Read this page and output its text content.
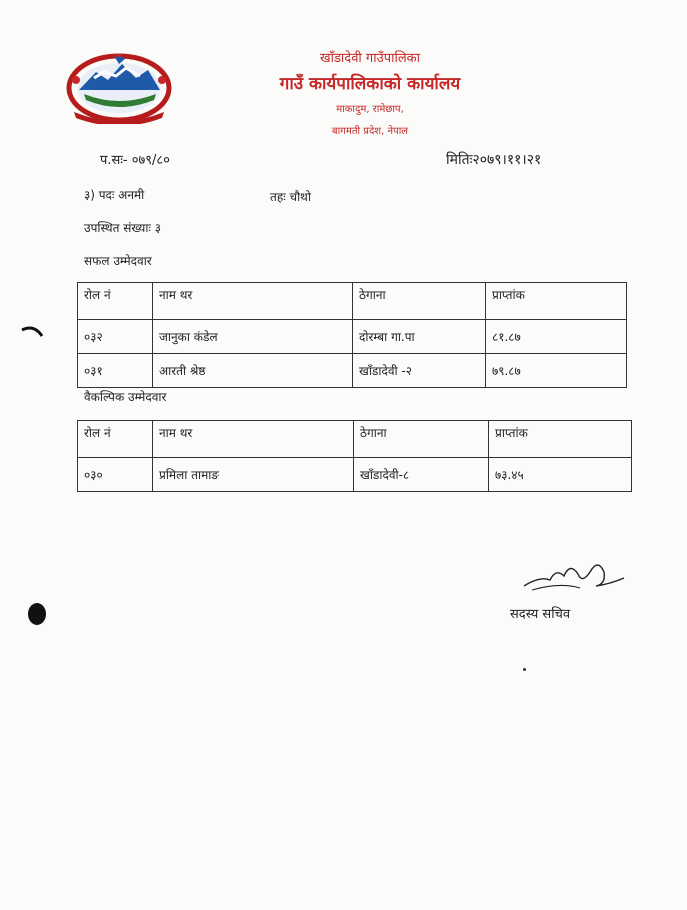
खाँडादेवी गाउँपालिका
गाउँ कार्यपालिकाको कार्यालय
माकादुम, रामेछाप,
बागमती प्रदेश, नेपाल
प.सः- ०७९/८०	मितिः२०७९।११।२१
३) पदः अनमी	तहः चौथो
उपस्थित संख्याः ३
सफल उम्मेदवार
रोल नं	नाम थर	ठेगाना	प्राप्तांक
०३२	जानुका कंडेल	दोरम्बा गा.पा	८१.८७
०३१	आरती श्रेष्ठ	खाँडादेवी -२	७९.८७
वैकल्पिक उम्मेदवार
रोल नं	नाम थर	ठेगाना	प्राप्तांक
०३०	प्रमिला तामाङ	खाँडादेवी-८	७३.४५
सदस्य सचिव
